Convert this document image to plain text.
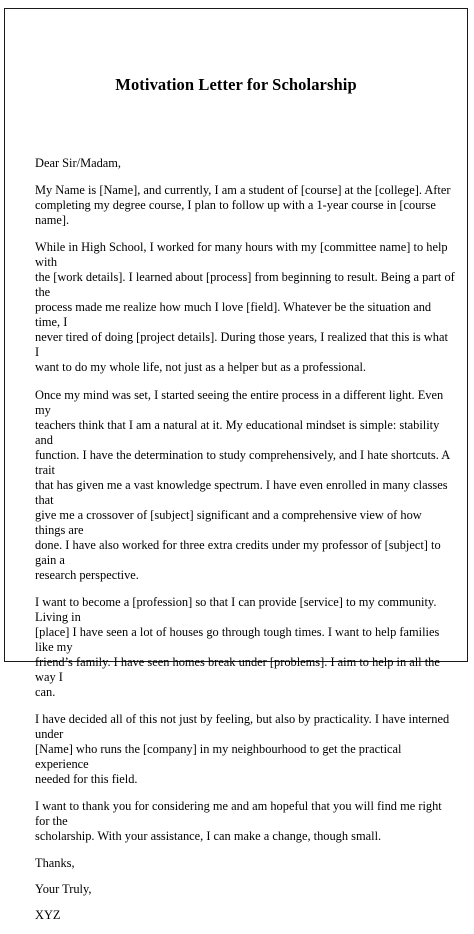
Motivation Letter for Scholarship

Dear Sir/Madam,

My Name is [Name], and currently, I am a student of [course] at the [college]. After
completing my degree course, I plan to follow up with a 1-year course in [course name].

While in High School, I worked for many hours with my [committee name] to help with
the [work details]. I learned about [process] from beginning to result. Being a part of the
process made me realize how much I love [field]. Whatever be the situation and time, I
never tired of doing [project details]. During those years, I realized that this is what I
want to do my whole life, not just as a helper but as a professional.

Once my mind was set, I started seeing the entire process in a different light. Even my
teachers think that I am a natural at it. My educational mindset is simple: stability and
function. I have the determination to study comprehensively, and I hate shortcuts. A trait
that has given me a vast knowledge spectrum. I have even enrolled in many classes that
give me a crossover of [subject] significant and a comprehensive view of how things are
done. I have also worked for three extra credits under my professor of [subject] to gain a
research perspective.

I want to become a [profession] so that I can provide [service] to my community. Living in
[place] I have seen a lot of houses go through tough times. I want to help families like my
friend’s family. I have seen homes break under [problems]. I aim to help in all the way I
can.

I have decided all of this not just by feeling, but also by practicality. I have interned under
[Name] who runs the [company] in my neighbourhood to get the practical experience
needed for this field.

I want to thank you for considering me and am hopeful that you will find me right for the
scholarship. With your assistance, I can make a change, though small.

Thanks,

Your Truly,

XYZ
